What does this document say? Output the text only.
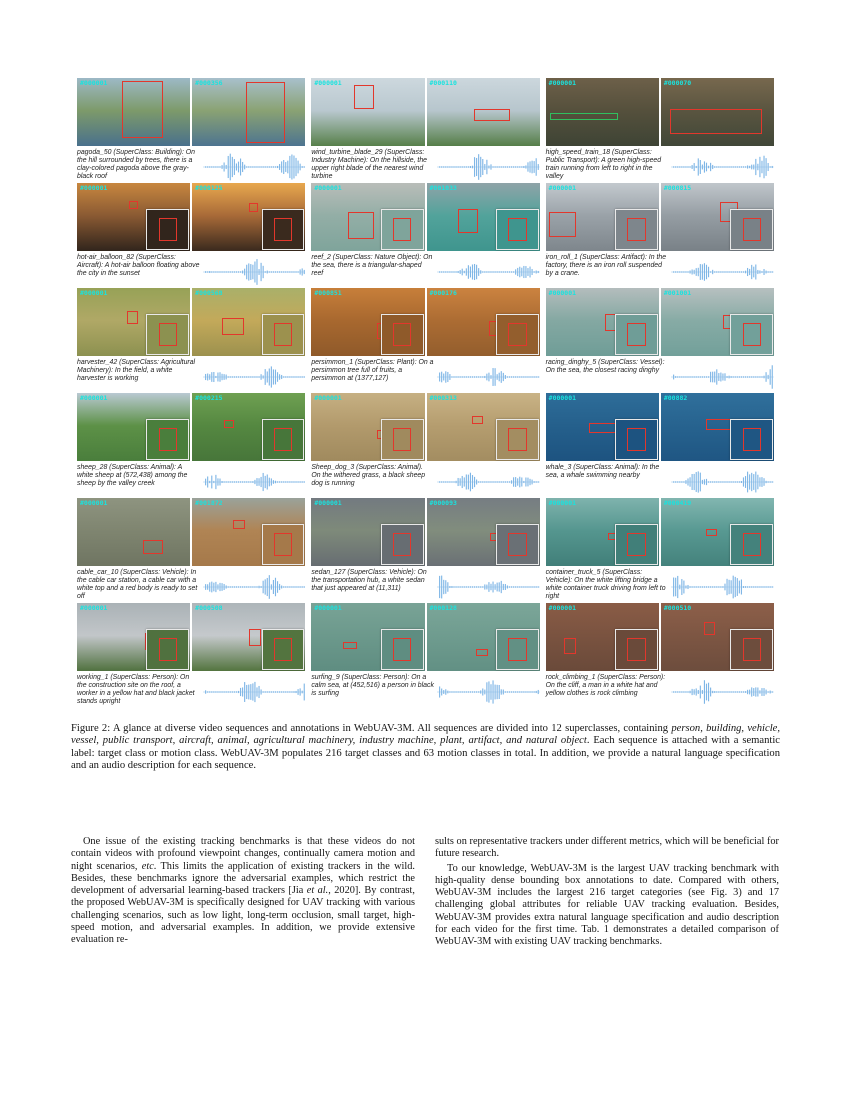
#000001	#000356
pagoda_50 (SuperClass: Building): On the hill surrounded by trees, there is a clay-colored pagoda above the gray-black roof
#000001	#000110
wind_turbine_blade_29 (SuperClass: Industry Machine): On the hillside, the upper right blade of the nearest wind turbine
#000001	#000070
high_speed_train_18 (SuperClass: Public Transport): A green high-speed train running from left to right in the valley
#000001	#000125
hot-air_balloon_82 (SuperClass: Aircraft): A hot-air balloon floating above the city in the sunset
#000001	#001033
reef_2 (SuperClass: Nature Object): On the sea, there is a triangular-shaped reef
#000001	#000815
iron_roll_1 (SuperClass: Artifact): In the factory, there is an iron roll suspended by a crane.
#000001	#000568
harvester_42 (SuperClass: Agricultural Machinery): In the field, a white harvester is working
#000851	#000176
persimmon_1 (SuperClass: Plant): On a persimmon tree full of fruits, a persimmon at (1377,127)
#000001	#001001
racing_dinghy_5 (SuperClass: Vessel): On the sea, the closest racing dinghy
#000001	#000215
sheep_28 (SuperClass: Animal): A white sheep at (572,438) among the sheep by the valley creek
#000001	#000313
Sheep_dog_3 (SuperClass: Animal). On the withered grass, a black sheep dog is running
#000001	#00882
whale_3 (SuperClass: Animal): In the sea, a whale swimming nearby
#000001	#001872
cable_car_10 (SuperClass: Vehicle): In the cable car station, a cable car with a white top and a red body is ready to set off
#000001	#000093
sedan_127 (SuperClass: Vehicle): On the transportation hub, a white sedan that just appeared at (11,311)
#000001	#000419
container_truck_5 (SuperClass: Vehicle): On the white lifting bridge a white container truck driving from left to right
#000001	#000508
working_1 (SuperClass: Person): On the construction site on the roof, a worker in a yellow hat and black jacket stands upright
#000001	#000128
surfing_9 (SuperClass: Person): On a calm sea, at (452,516) a person in black is surfing
#000001	#000510
rock_climbing_1 (SuperClass: Person): On the cliff, a man in a white hat and yellow clothes is rock climbing

Figure 2: A glance at diverse video sequences and annotations in WebUAV-3M. All sequences are divided into 12 superclasses, containing person, building, vehicle, vessel, public transport, aircraft, animal, agricultural machinery, industry machine, plant, artifact, and natural object. Each sequence is attached with a semantic label: target class or motion class. WebUAV-3M populates 216 target classes and 63 motion classes in total. In addition, we provide a natural language specification and an audio description for each sequence.

One issue of the existing tracking benchmarks is that these videos do not contain videos with profound viewpoint changes, continually camera motion and night scenarios, etc. This limits the application of existing trackers in the wild. Besides, these benchmarks ignore the adversarial examples, which restrict the development of adversarial learning-based trackers [Jia et al., 2020]. By contrast, the proposed WebUAV-3M is specifically designed for UAV tracking with various challenging scenarios, such as low light, long-term occlusion, small target, high-speed motion, and adversarial examples. In addition, we provide extensive evaluation re-

sults on representative trackers under different metrics, which will be beneficial for future research.

To our knowledge, WebUAV-3M is the largest UAV tracking benchmark with high-quality dense bounding box annotations to date. Compared with others, WebUAV-3M includes the largest 216 target categories (see Fig. 3) and 17 challenging global attributes for reliable UAV tracking evaluation. Besides, WebUAV-3M provides extra natural language specification and audio description for each video for the first time. Tab. 1 demonstrates a detailed comparison of WebUAV-3M with existing UAV tracking benchmarks.
